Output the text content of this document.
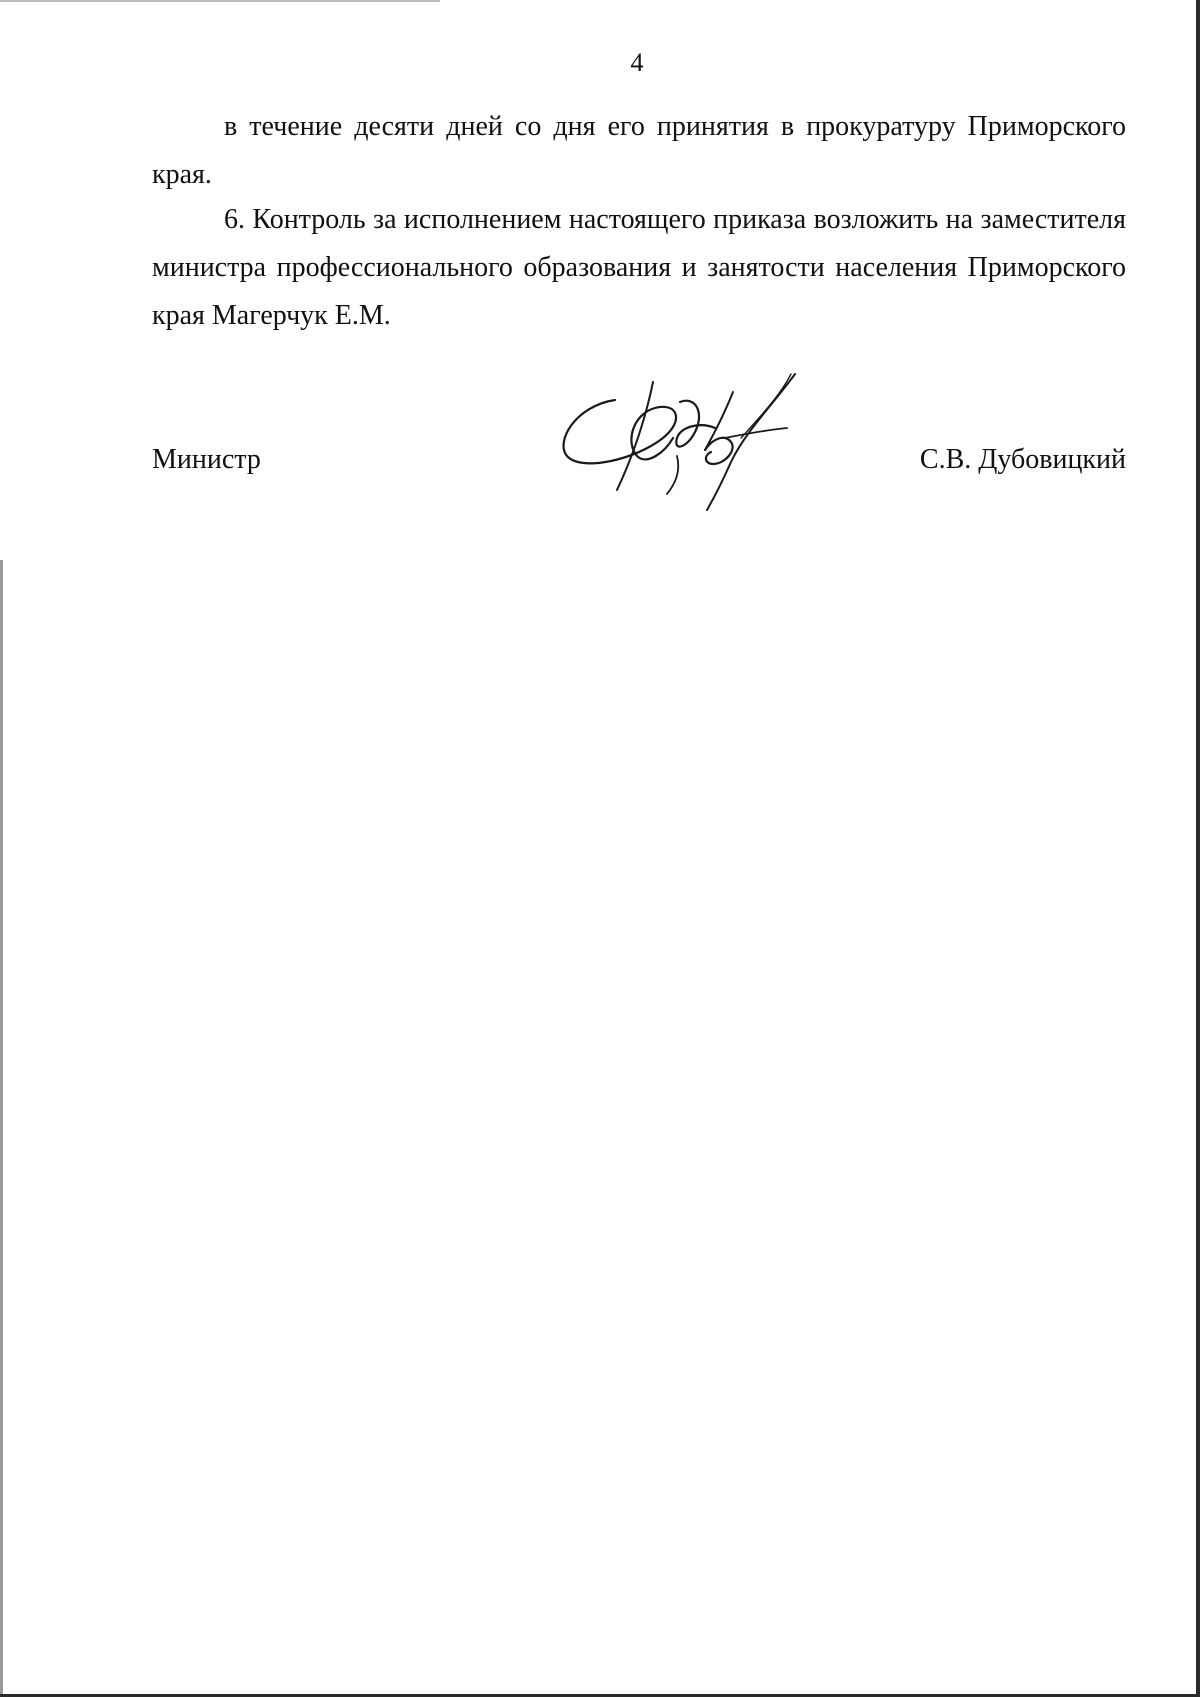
4
в течение десяти дней со дня его принятия в прокуратуру Приморского края.
6. Контроль за исполнением настоящего приказа возложить на заместителя министра профессионального образования и занятости населения Приморского края Магерчук Е.М.
Министр	С.В. Дубовицкий
